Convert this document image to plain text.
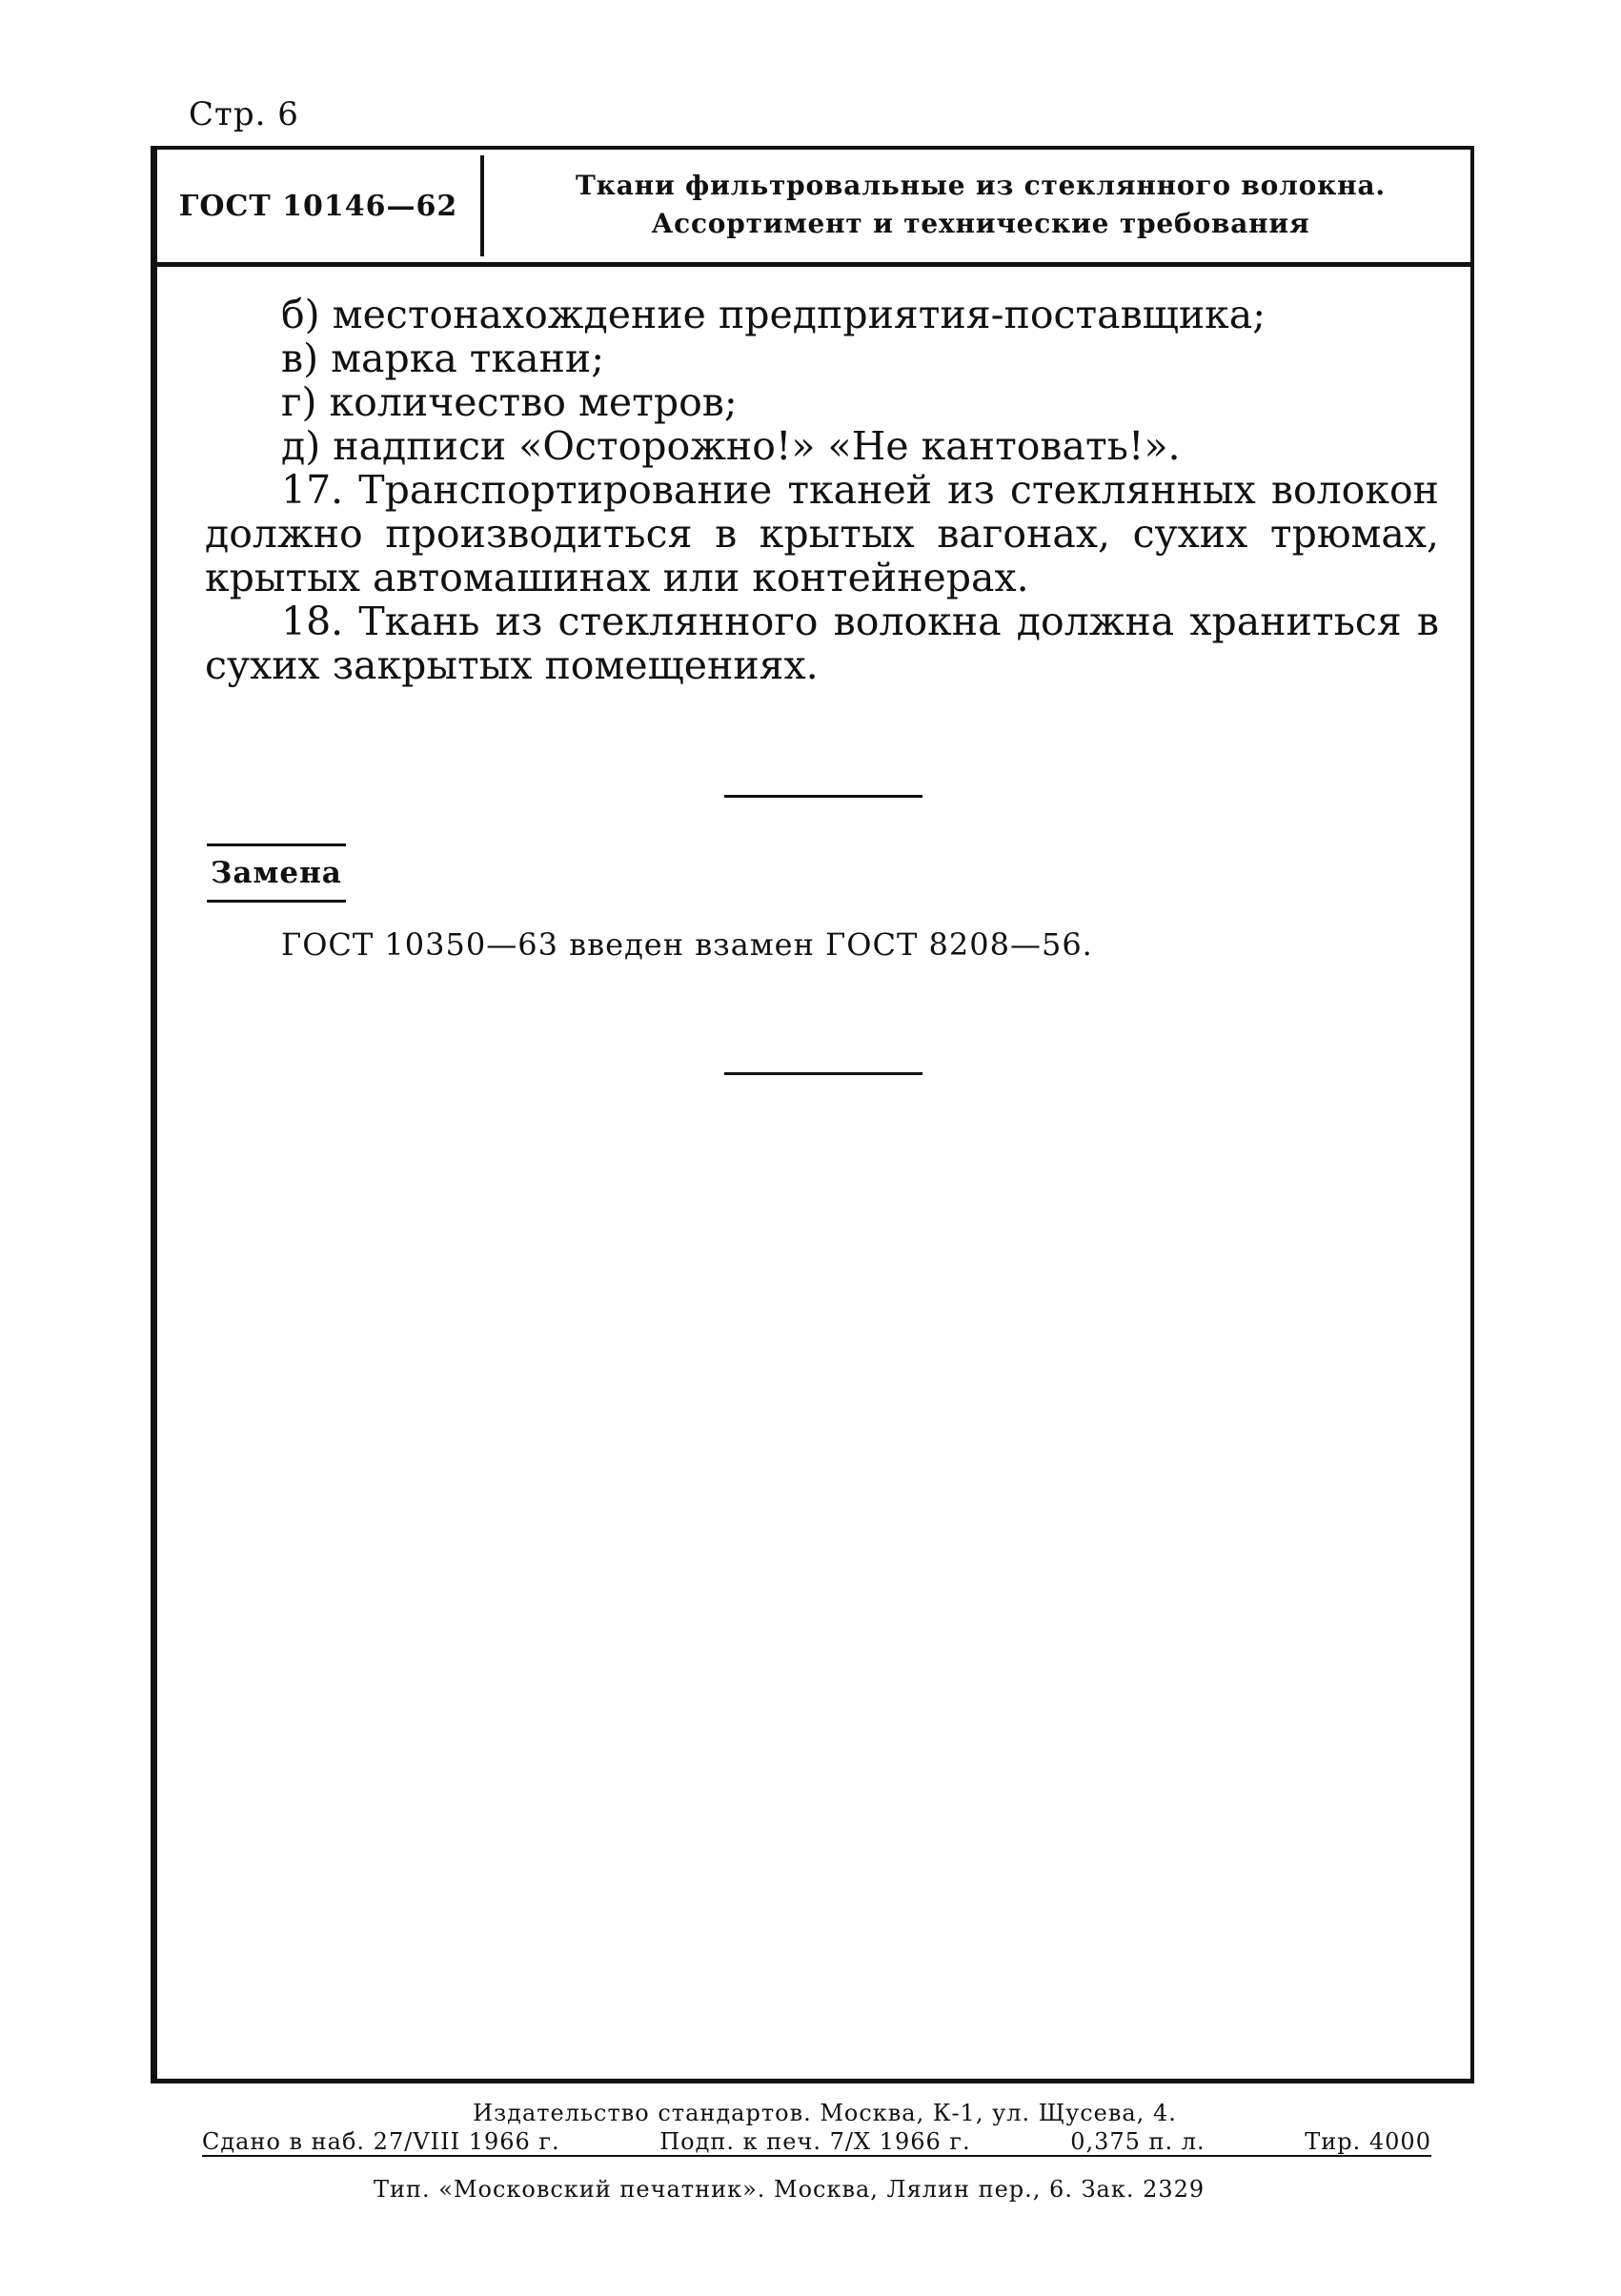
Стр. 6
ГОСТ 10146—62
Ткани фильтровальные из стеклянного волокна.
Ассортимент и технические требования
б) местонахождение предприятия-поставщика;
в) марка ткани;
г) количество метров;
д) надписи «Осторожно!» «Не кантовать!».
17. Транспортирование тканей из стеклянных волокон должно производиться в крытых вагонах, сухих трюмах, крытых автомашинах или контейнерах.
18. Ткань из стеклянного волокна должна храниться в сухих закрытых помещениях.
Замена
ГОСТ 10350—63 введен взамен ГОСТ 8208—56.
Издательство стандартов. Москва, К-1, ул. Щусева, 4.
Сдано в наб. 27/VIII 1966 г.	Подп. к печ. 7/X 1966 г.	0,375 п. л.	Тир. 4000
Тип. «Московский печатник». Москва, Лялин пер., 6. Зак. 2329
